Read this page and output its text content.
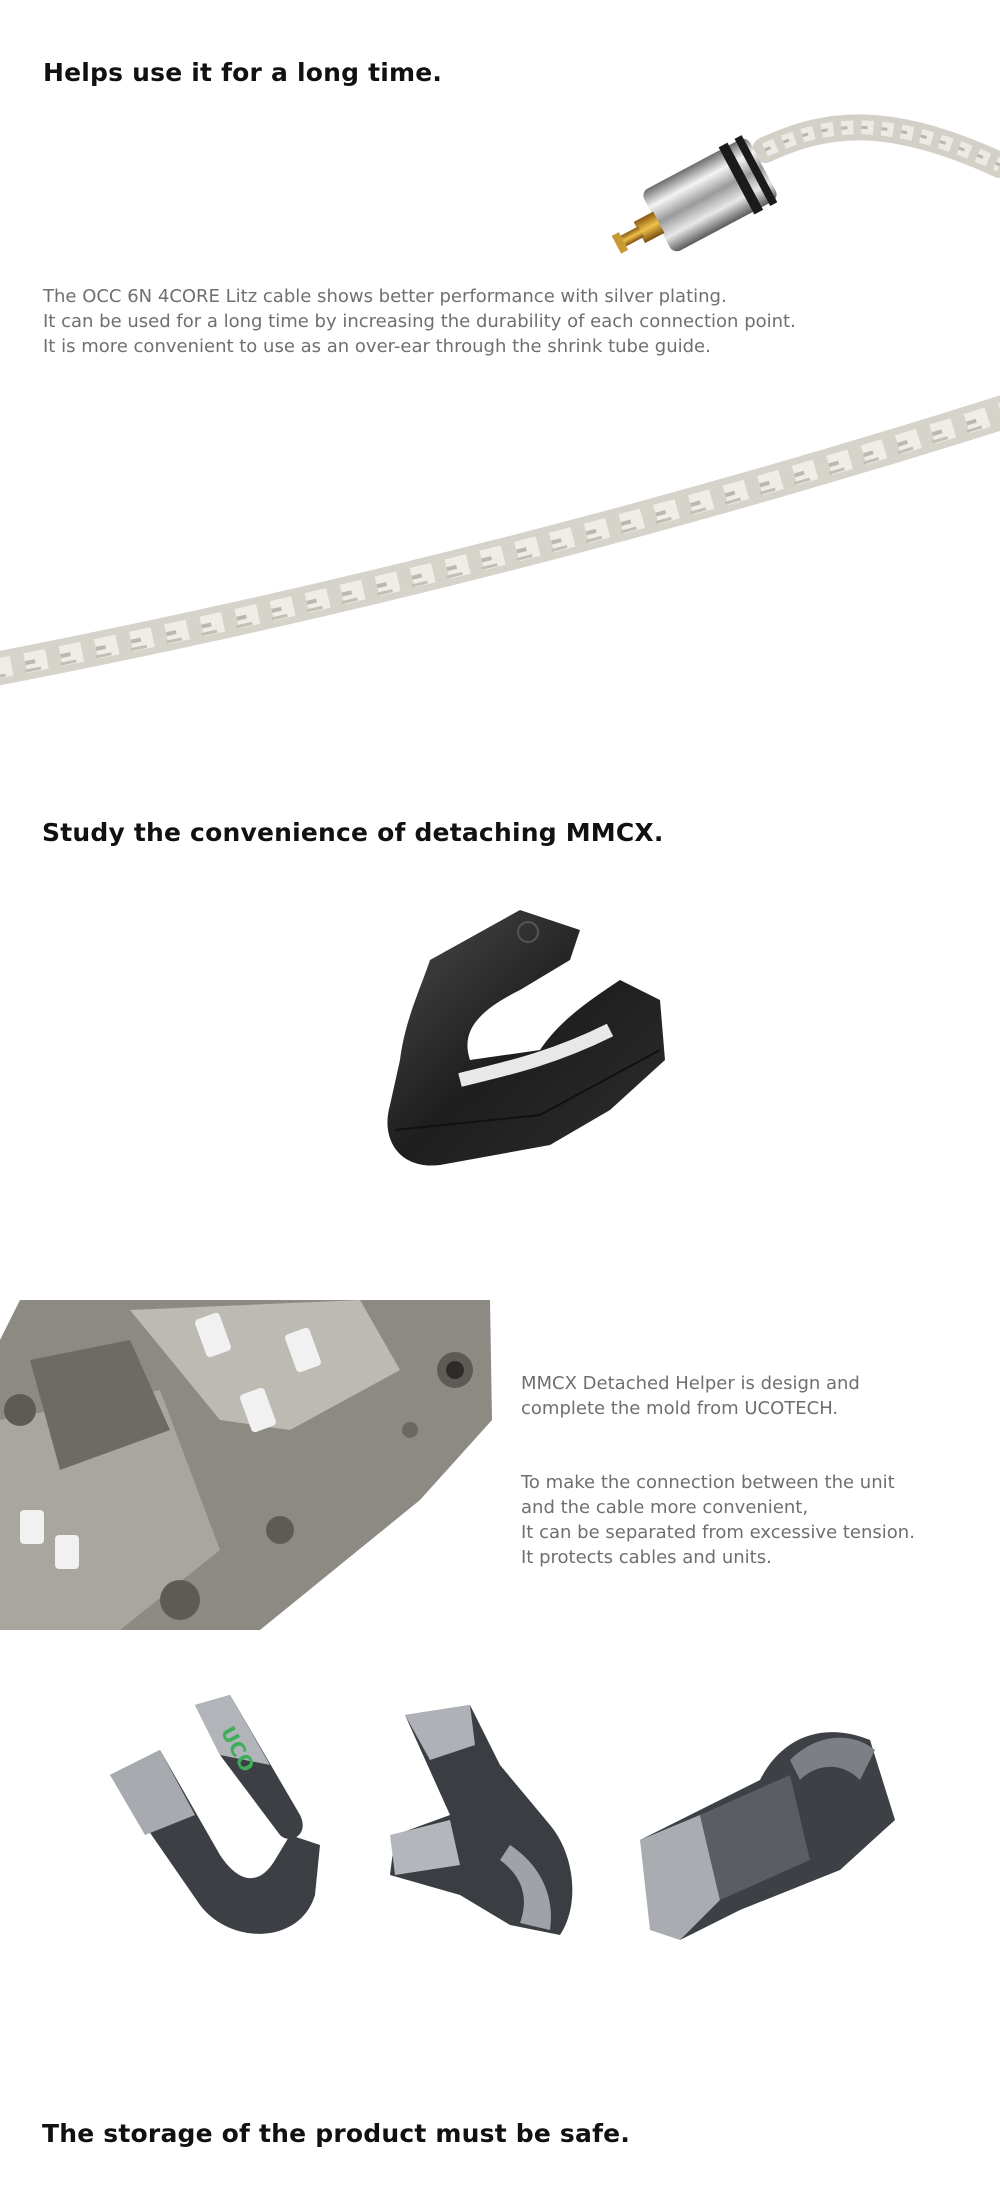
Helps use it for a long time.

The OCC 6N 4CORE Litz cable shows better performance with silver plating.
It can be used for a long time by increasing the durability of each connection point.
It is more convenient to use as an over-ear through the shrink tube guide.

Study the convenience of detaching MMCX.

MMCX Detached Helper is design and
complete the mold from UCOTECH.

To make the connection between the unit
and the cable more convenient,
It can be separated from excessive tension.
It protects cables and units.

UCO
The storage of the product must be safe.
